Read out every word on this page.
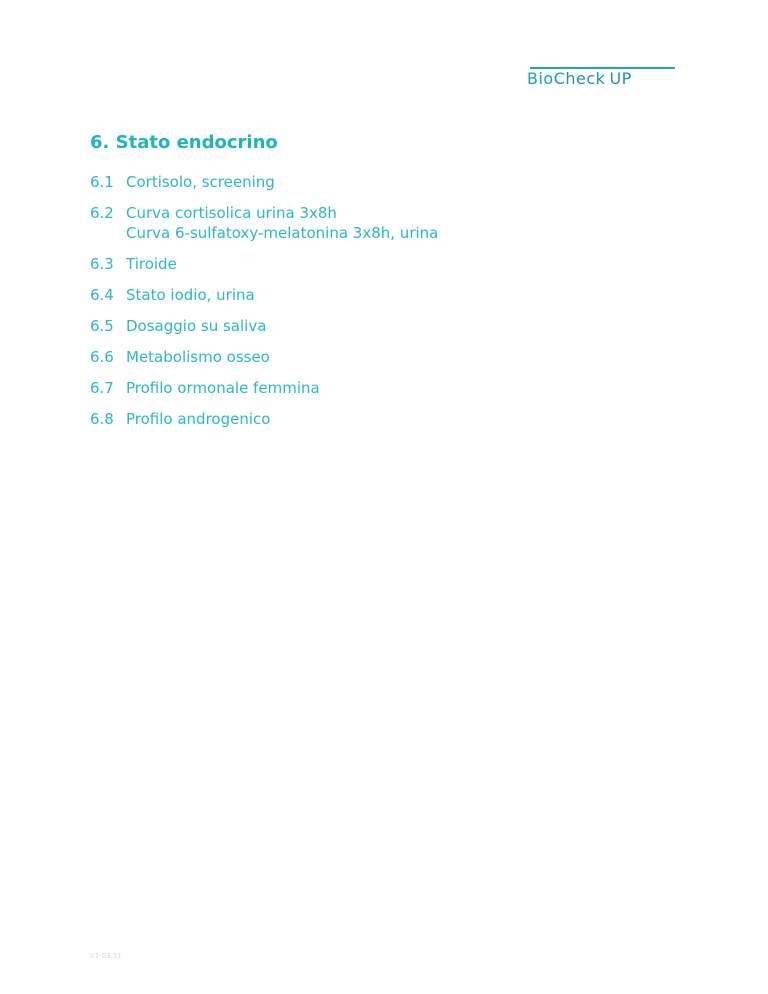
BioCheck UP
6. Stato endocrino
6.1 Cortisolo, screening
6.2 Curva cortisolica urina 3x8h
Curva 6-sulfatoxy-melatonina 3x8h, urina
6.3 Tiroide
6.4 Stato iodio, urina
6.5 Dosaggio su saliva
6.6 Metabolismo osseo
6.7 Profilo ormonale femmina
6.8 Profilo androgenico
V1-03.11
